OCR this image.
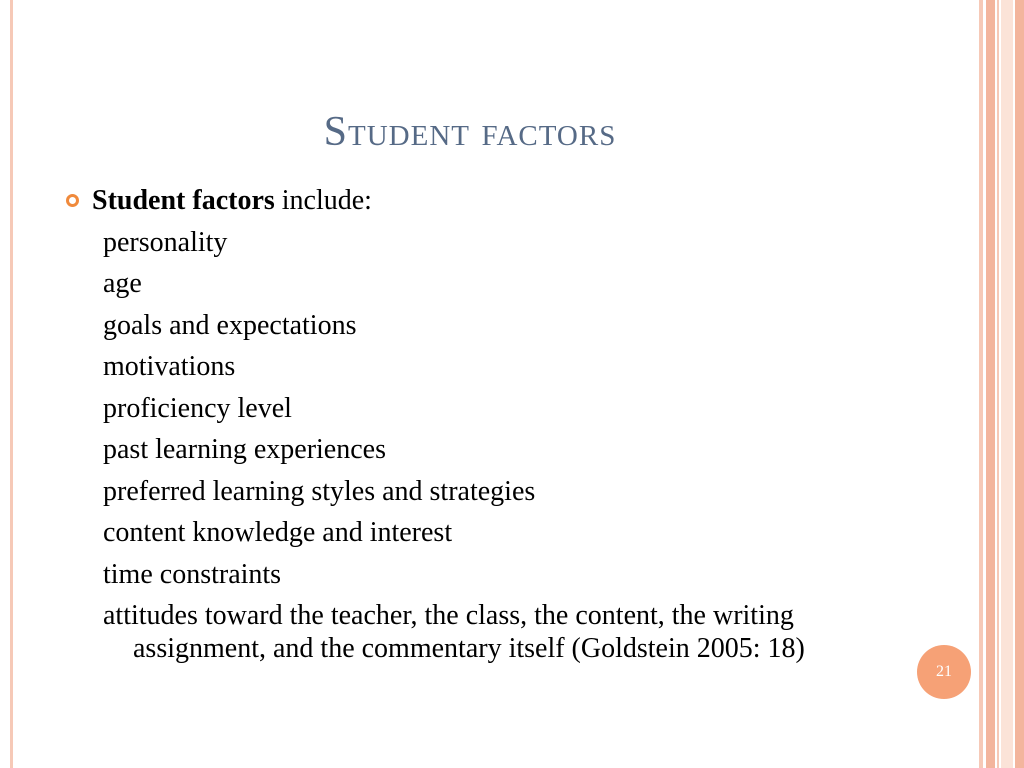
Student factors
Student factors include:
personality
age
goals and expectations
motivations
proficiency level
past learning experiences
preferred learning styles and strategies
content knowledge and interest
time constraints
attitudes toward the teacher, the class, the content, the writing assignment, and the commentary itself (Goldstein 2005: 18)
21
